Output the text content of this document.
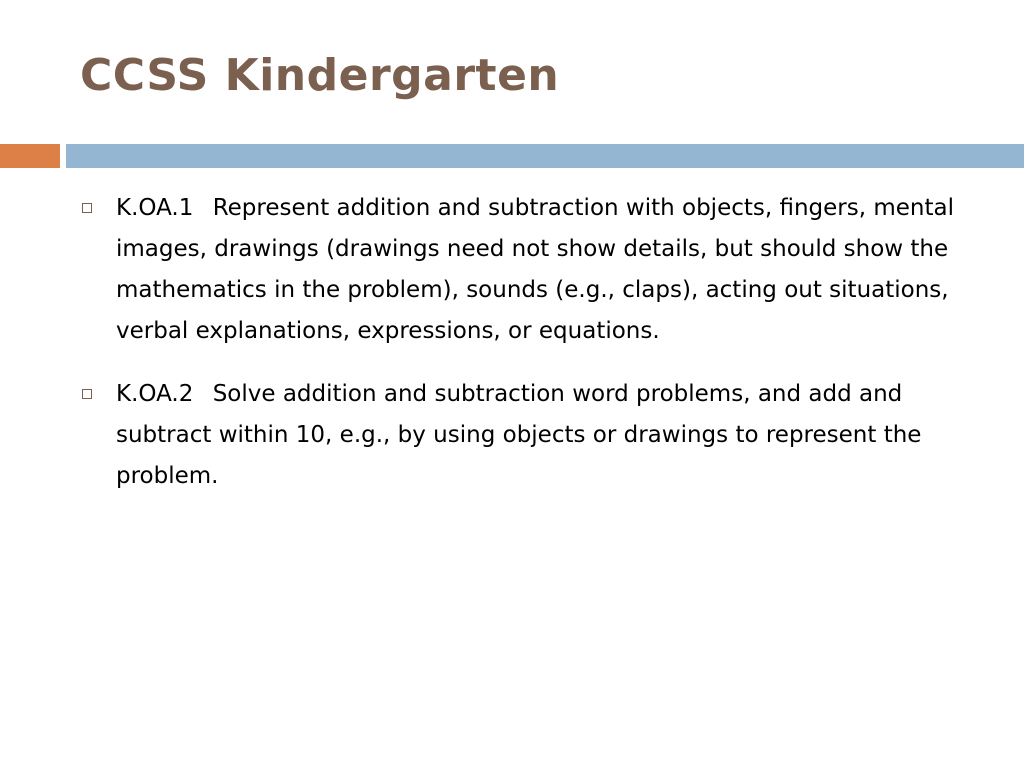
CCSS Kindergarten
K.OA.1 Represent addition and subtraction with objects, fingers, mental images, drawings (drawings need not show details, but should show the mathematics in the problem), sounds (e.g., claps), acting out situations, verbal explanations, expressions, or equations.
K.OA.2 Solve addition and subtraction word problems, and add and subtract within 10, e.g., by using objects or drawings to represent the problem.
